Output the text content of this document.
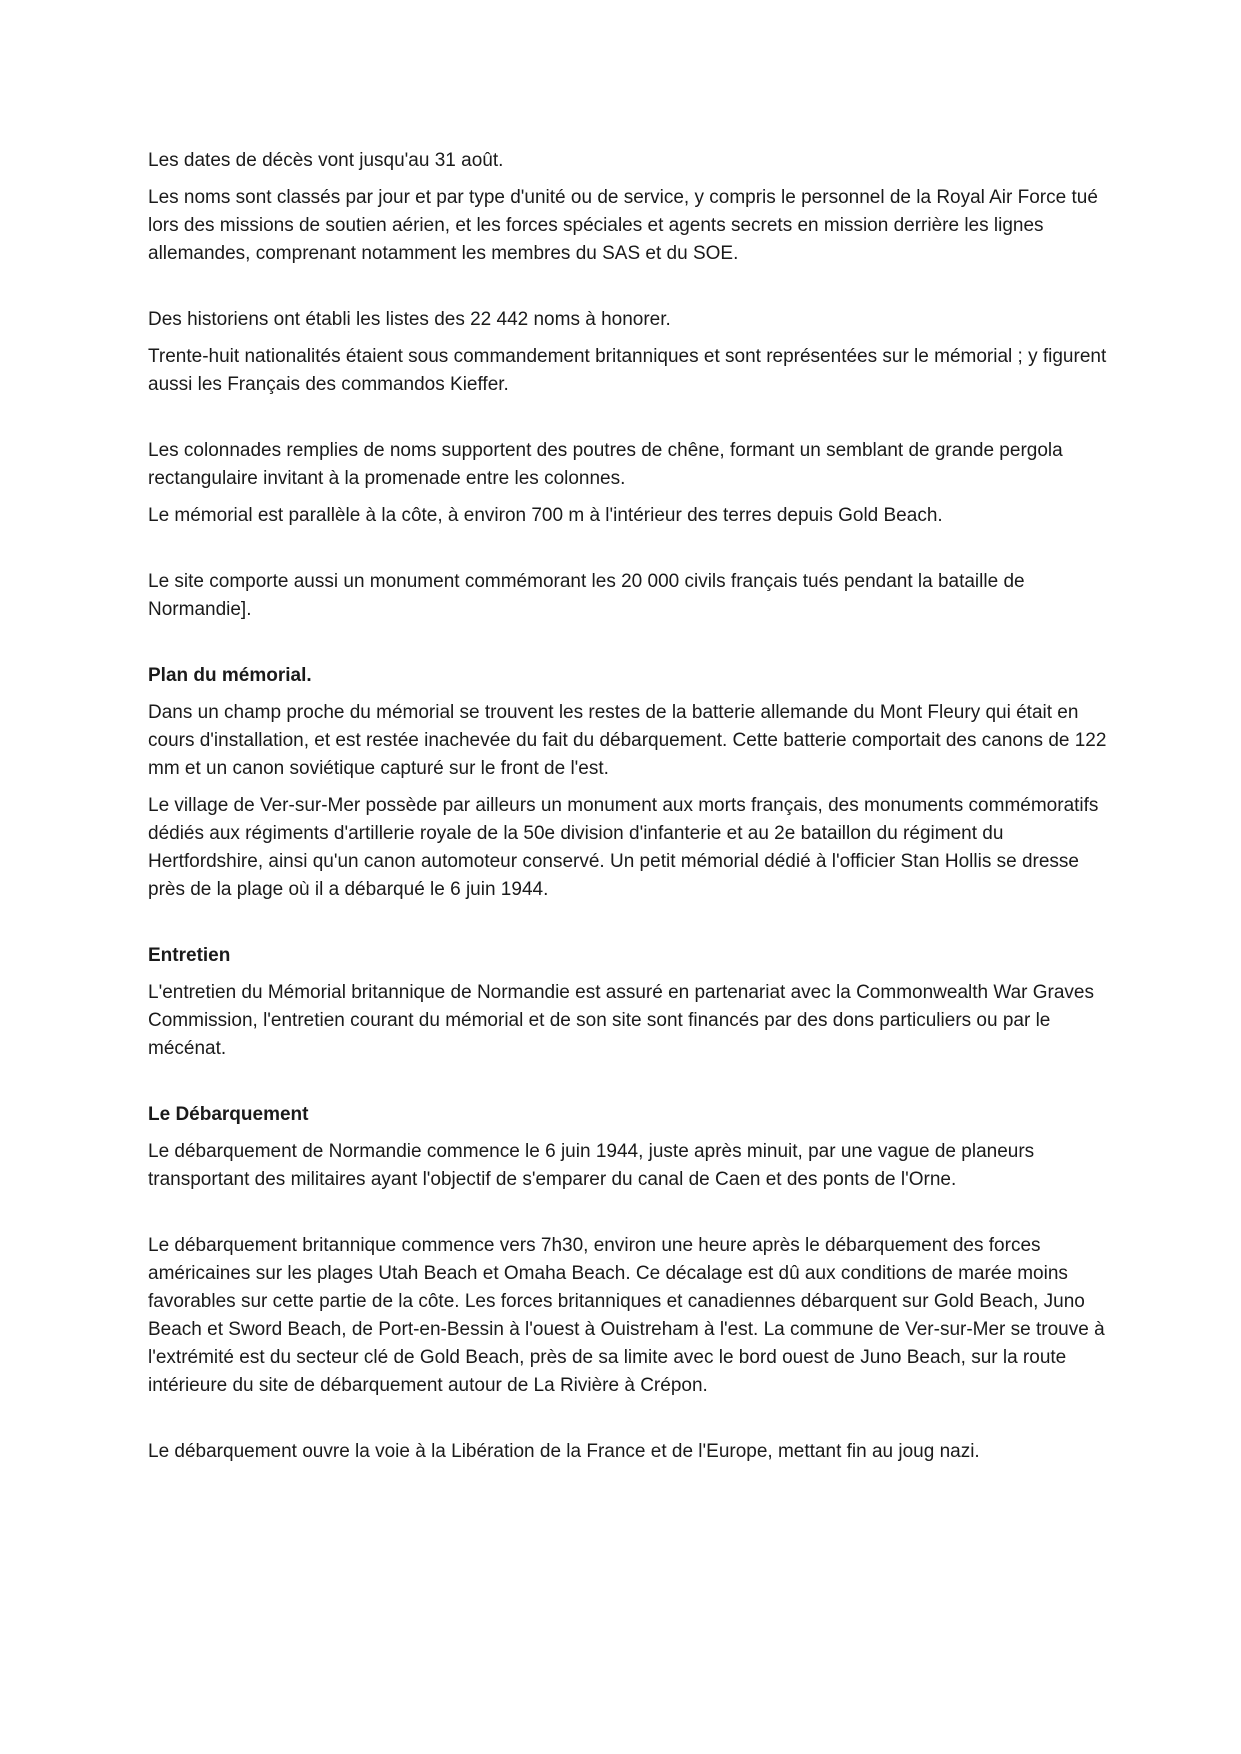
Les dates de décès vont jusqu'au 31 août.

Les noms sont classés par jour et par type d'unité ou de service, y compris le personnel de la Royal Air Force tué lors des missions de soutien aérien, et les forces spéciales et agents secrets en mission derrière les lignes allemandes, comprenant notamment les membres du SAS et du SOE.

Des historiens ont établi les listes des 22 442 noms à honorer.

Trente-huit nationalités étaient sous commandement britanniques et sont représentées sur le mémorial ; y figurent aussi les Français des commandos Kieffer.

Les colonnades remplies de noms supportent des poutres de chêne, formant un semblant de grande pergola rectangulaire invitant à la promenade entre les colonnes.

Le mémorial est parallèle à la côte, à environ 700 m à l'intérieur des terres depuis Gold Beach.

Le site comporte aussi un monument commémorant les 20 000 civils français tués pendant la bataille de Normandie].

Plan du mémorial.

Dans un champ proche du mémorial se trouvent les restes de la batterie allemande du Mont Fleury qui était en cours d'installation, et est restée inachevée du fait du débarquement. Cette batterie comportait des canons de 122 mm et un canon soviétique capturé sur le front de l'est.

Le village de Ver-sur-Mer possède par ailleurs un monument aux morts français, des monuments commémoratifs dédiés aux régiments d'artillerie royale de la 50e division d'infanterie et au 2e bataillon du régiment du Hertfordshire, ainsi qu'un canon automoteur conservé. Un petit mémorial dédié à l'officier Stan Hollis se dresse près de la plage où il a débarqué le 6 juin 1944.

Entretien

L'entretien du Mémorial britannique de Normandie est assuré en partenariat avec la Commonwealth War Graves Commission, l'entretien courant du mémorial et de son site sont financés par des dons particuliers ou par le mécénat.

Le Débarquement

Le débarquement de Normandie commence le 6 juin 1944, juste après minuit, par une vague de planeurs transportant des militaires ayant l'objectif de s'emparer du canal de Caen et des ponts de l'Orne.

Le débarquement britannique commence vers 7h30, environ une heure après le débarquement des forces américaines sur les plages Utah Beach et Omaha Beach. Ce décalage est dû aux conditions de marée moins favorables sur cette partie de la côte. Les forces britanniques et canadiennes débarquent sur Gold Beach, Juno Beach et Sword Beach, de Port-en-Bessin à l'ouest à Ouistreham à l'est. La commune de Ver-sur-Mer se trouve à l'extrémité est du secteur clé de Gold Beach, près de sa limite avec le bord ouest de Juno Beach, sur la route intérieure du site de débarquement autour de La Rivière à Crépon.

Le débarquement ouvre la voie à la Libération de la France et de l'Europe, mettant fin au joug nazi.
